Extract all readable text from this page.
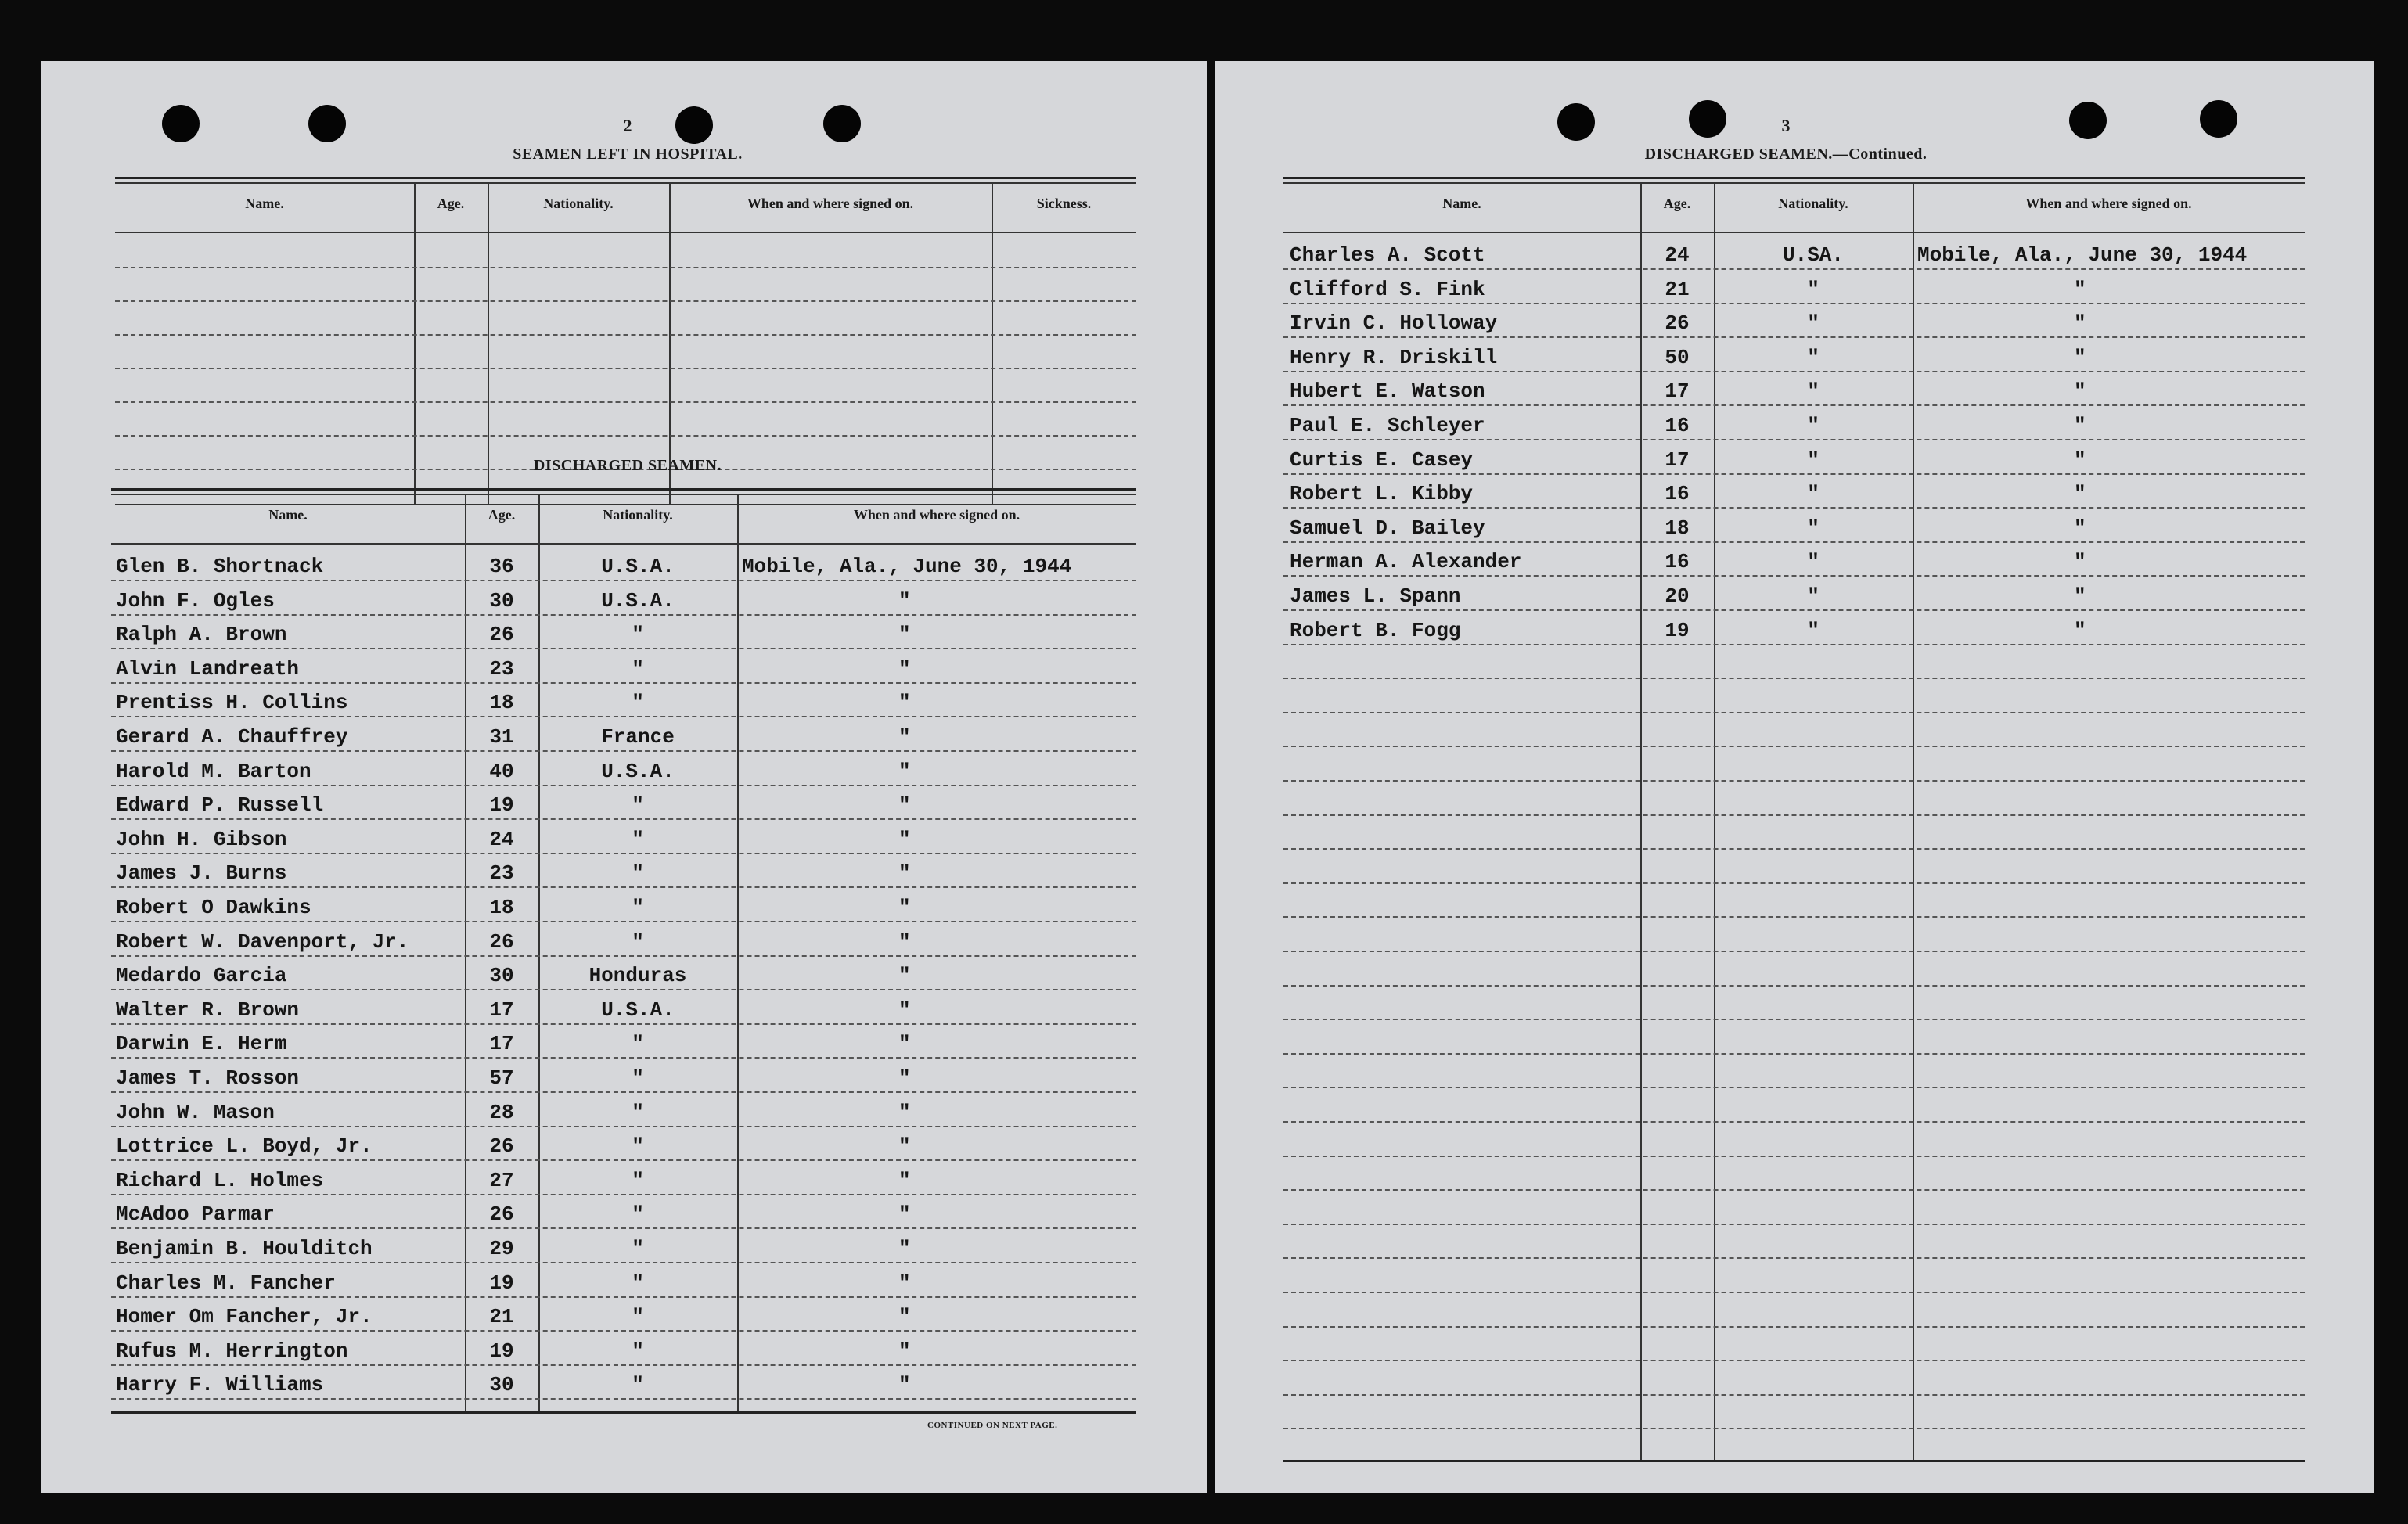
2
SEAMEN LEFT IN HOSPITAL.
Name.	Age.	Nationality.	When and where signed on.	Sickness.
DISCHARGED SEAMEN.
Name.	Age.	Nationality.	When and where signed on.
Glen B. Shortnack	36	U.S.A.	Mobile, Ala., June 30, 1944
John F. Ogles	30	U.S.A.	"
Ralph A. Brown	26	"	"
Alvin Landreath	23	"	"
Prentiss H. Collins	18	"	"
Gerard A. Chauffrey	31	France	"
Harold M. Barton	40	U.S.A.	"
Edward P. Russell	19	"	"
John H. Gibson	24	"	"
James J. Burns	23	"	"
Robert O Dawkins	18	"	"
Robert W. Davenport, Jr.	26	"	"
Medardo Garcia	30	Honduras	"
Walter R. Brown	17	U.S.A.	"
Darwin E. Herm	17	"	"
James T. Rosson	57	"	"
John W. Mason	28	"	"
Lottrice L. Boyd, Jr.	26	"	"
Richard L. Holmes	27	"	"
McAdoo Parmar	26	"	"
Benjamin B. Houlditch	29	"	"
Charles M. Fancher	19	"	"
Homer Om Fancher, Jr.	21	"	"
Rufus M. Herrington	19	"	"
Harry F. Williams	30	"	"
CONTINUED ON NEXT PAGE.
3
DISCHARGED SEAMEN.—Continued.
Name.	Age.	Nationality.	When and where signed on.
Charles A. Scott	24	U.SA.	Mobile, Ala., June 30, 1944
Clifford S. Fink	21	"	"
Irvin C. Holloway	26	"	"
Henry R. Driskill	50	"	"
Hubert E. Watson	17	"	"
Paul E. Schleyer	16	"	"
Curtis E. Casey	17	"	"
Robert L. Kibby	16	"	"
Samuel D. Bailey	18	"	"
Herman A. Alexander	16	"	"
James L. Spann	20	"	"
Robert B. Fogg	19	"	"
